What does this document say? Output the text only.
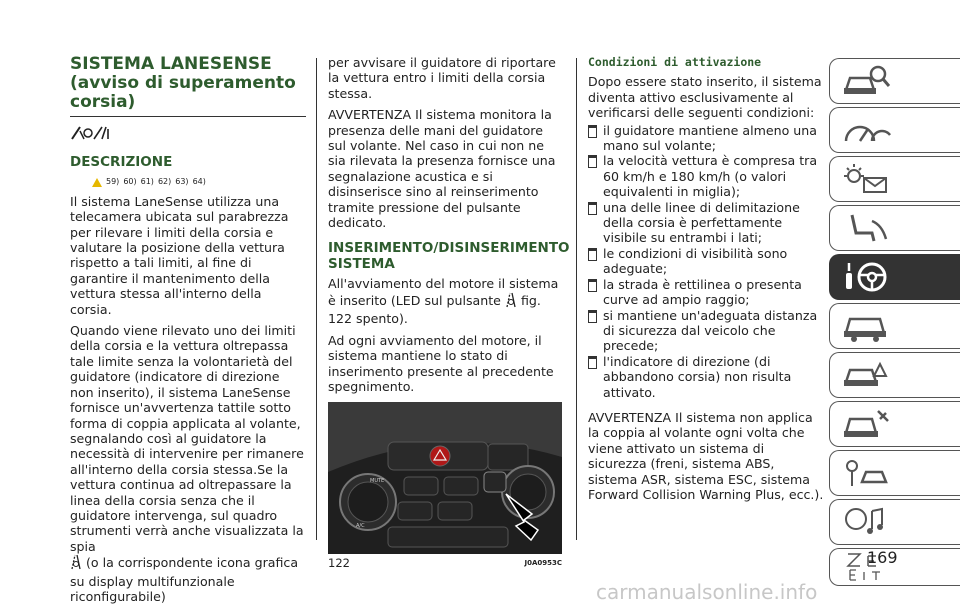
SISTEMA LANESENSE
(avviso di superamento
corsia)
DESCRIZIONE
59) 60) 61) 62) 63) 64)

Il sistema LaneSense utilizza una telecamera ubicata sul parabrezza per rilevare i limiti della corsia e valutare la posizione della vettura rispetto a tali limiti, al fine di garantire il mantenimento della vettura stessa all'interno della corsia.

Quando viene rilevato uno dei limiti della corsia e la vettura oltrepassa tale limite senza la volontarietà del guidatore (indicatore di direzione non inserito), il sistema LaneSense fornisce un'avvertenza tattile sotto forma di coppia applicata al volante, segnalando così al guidatore la necessità di intervenire per rimanere all'interno della corsia stessa.Se la vettura continua ad oltrepassare la linea della corsia senza che il guidatore intervenga, sul quadro strumenti verrà anche visualizzata la spia

(o la corrispondente icona grafica su display multifunzionale riconfigurabile)

per avvisare il guidatore di riportare la vettura entro i limiti della corsia stessa.

AVVERTENZA Il sistema monitora la presenza delle mani del guidatore sul volante. Nel caso in cui non ne sia rilevata la presenza fornisce una segnalazione acustica e si disinserisce sino al reinserimento tramite pressione del pulsante dedicato.

INSERIMENTO/DISINSERIMENTO SISTEMA

All'avviamento del motore il sistema è inserito (LED sul pulsante fig. 122 spento).

Ad ogni avviamento del motore, il sistema mantiene lo stato di inserimento presente al precedente spegnimento.

MUTE
A/C
122	J0A0953C
Condizioni di attivazione

Dopo essere stato inserito, il sistema diventa attivo esclusivamente al verificarsi delle seguenti condizioni:

il guidatore mantiene almeno una mano sul volante;
la velocità vettura è compresa tra 60 km/h e 180 km/h (o valori equivalenti in miglia);
una delle linee di delimitazione della corsia è perfettamente visibile su entrambi i lati;
le condizioni di visibilità sono adeguate;
la strada è rettilinea o presenta curve ad ampio raggio;
si mantiene un'adeguata distanza di sicurezza dal veicolo che precede;
l'indicatore di direzione (di abbandono corsia) non risulta attivato.

AVVERTENZA Il sistema non applica la coppia al volante ogni volta che viene attivato un sistema di sicurezza (freni, sistema ABS, sistema ASR, sistema ESC, sistema Forward Collision Warning Plus, ecc.).

169
carmanualsonline.info
